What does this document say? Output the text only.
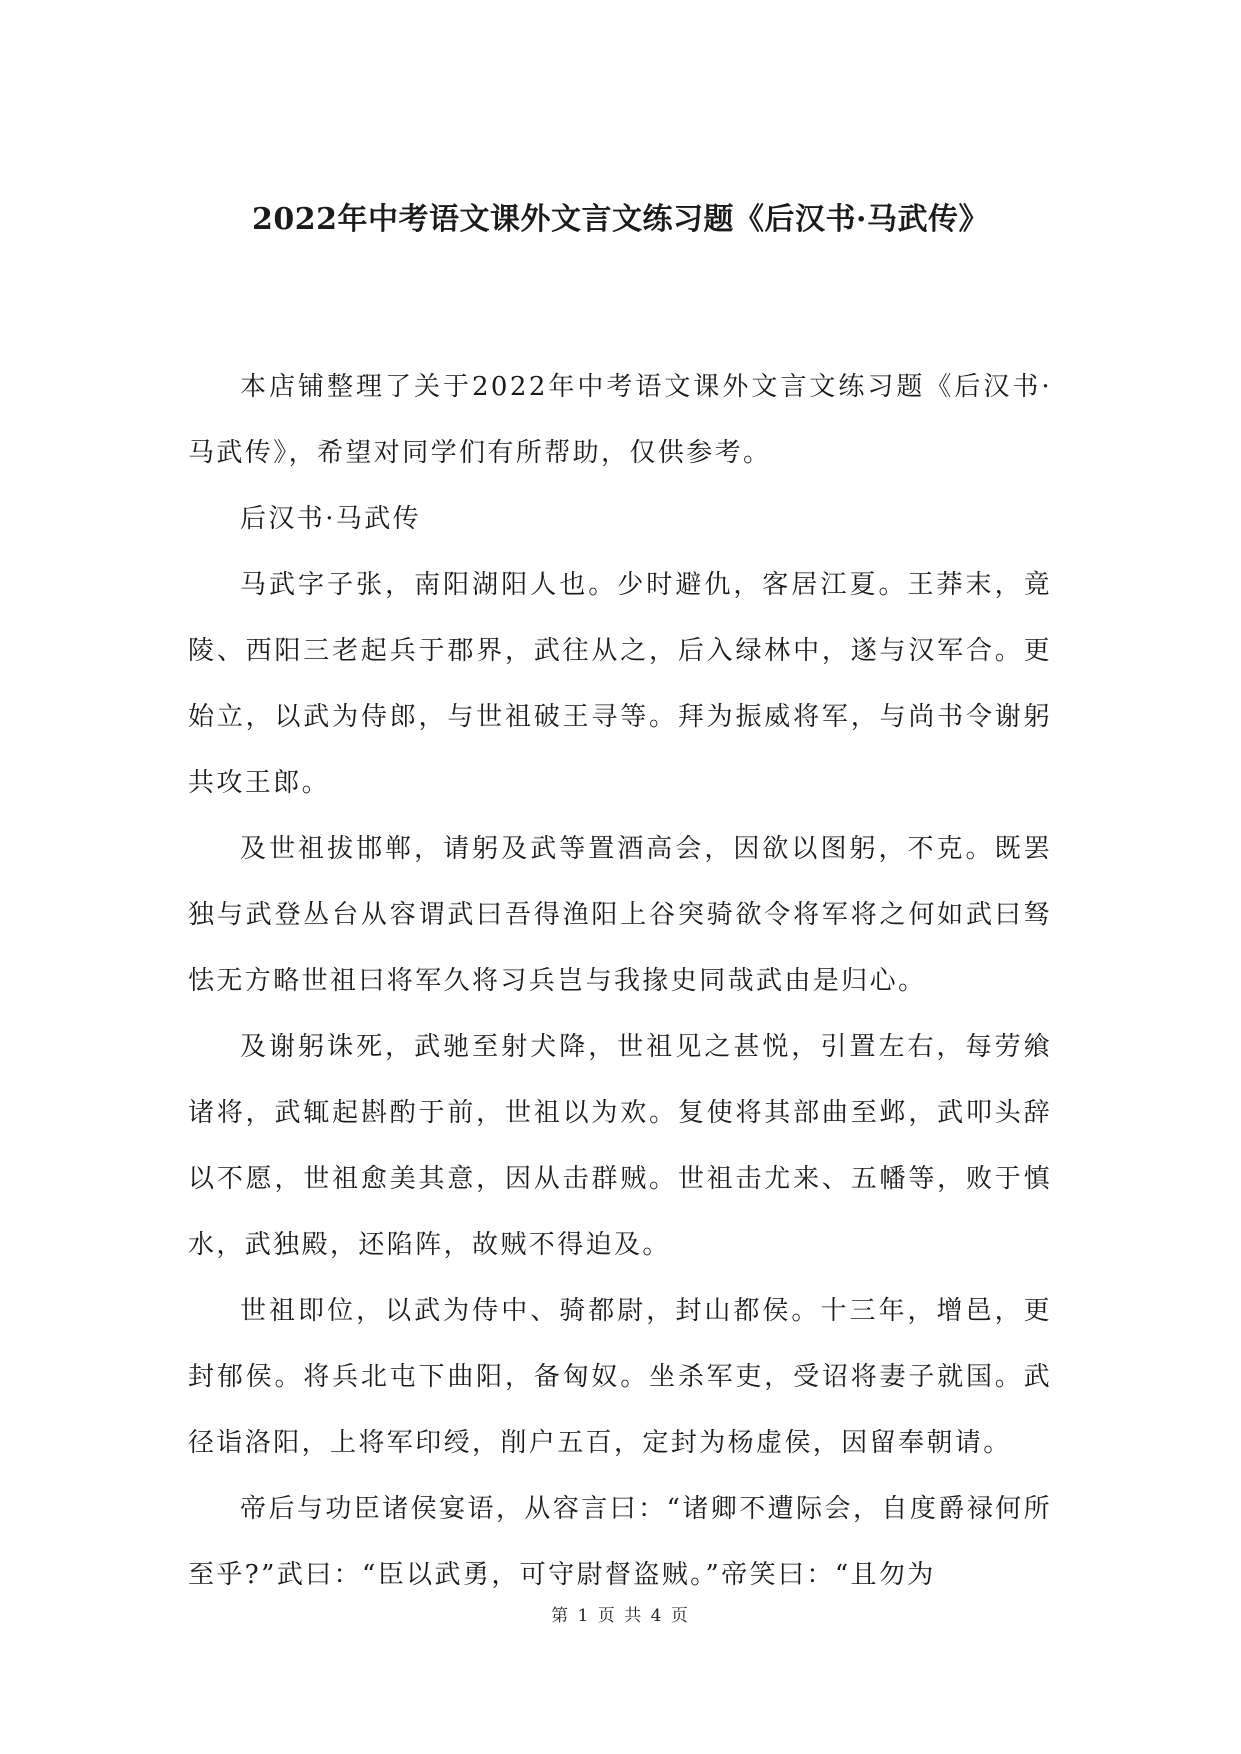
2022年中考语文课外文言文练习题《后汉书·马武传》

本店铺整理了关于2022年中考语文课外文言文练习题《后汉书·马武传》，希望对同学们有所帮助，仅供参考。

后汉书·马武传

马武字子张，南阳湖阳人也。少时避仇，客居江夏。王莽末，竟陵、西阳三老起兵于郡界，武往从之，后入绿林中，遂与汉军合。更始立，以武为侍郎，与世祖破王寻等。拜为振威将军，与尚书令谢躬共攻王郎。

及世祖拔邯郸，请躬及武等置酒高会，因欲以图躬，不克。既罢独与武登丛台从容谓武曰吾得渔阳上谷突骑欲令将军将之何如武曰驽怯无方略世祖曰将军久将习兵岂与我掾史同哉武由是归心。

及谢躬诛死，武驰至射犬降，世祖见之甚悦，引置左右，每劳飨诸将，武辄起斟酌于前，世祖以为欢。复使将其部曲至邺，武叩头辞以不愿，世祖愈美其意，因从击群贼。世祖击尤来、五幡等，败于慎水，武独殿，还陷阵，故贼不得迫及。

世祖即位，以武为侍中、骑都尉，封山都侯。十三年，增邑，更封郁侯。将兵北屯下曲阳，备匈奴。坐杀军吏，受诏将妻子就国。武径诣洛阳，上将军印绶，削户五百，定封为杨虚侯，因留奉朝请。

帝后与功臣诸侯宴语，从容言曰：“诸卿不遭际会，自度爵禄何所至乎?”武曰：“臣以武勇，可守尉督盗贼。”帝笑曰：“且勿为

第 1 页 共 4 页
